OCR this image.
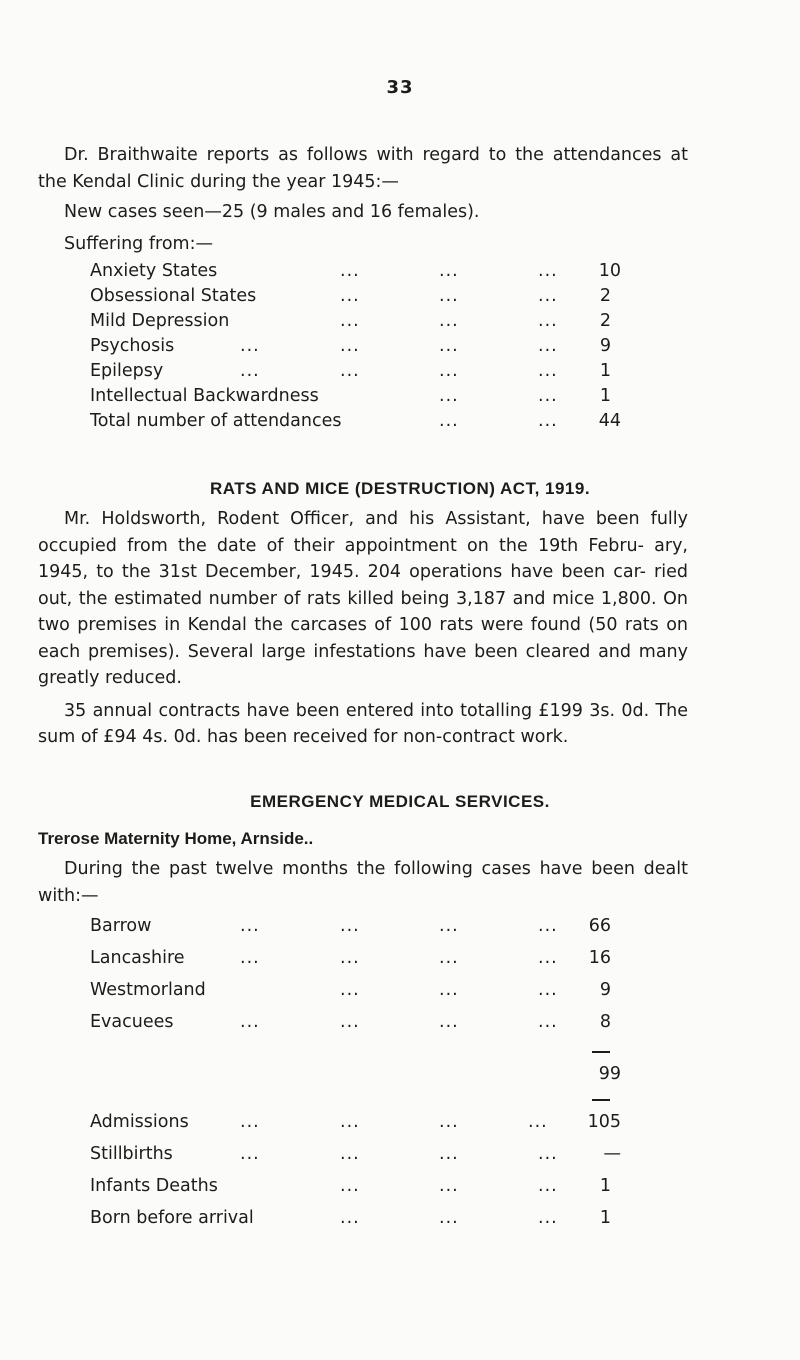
33

Dr. Braithwaite reports as follows with regard to the attendances at the Kendal Clinic during the year 1945:—

New cases seen—25 (9 males and 16 females).
Suffering from:—
Anxiety States	...	...	... 10
Obsessional States	...	...	... 2
Mild Depression	...	...	... 2
Psychosis	...	...	...	... 9
Epilepsy	...	...	...	... 1
Intellectual Backwardness	...	... 1
Total number of attendances	...	... 44
RATS AND MICE (DESTRUCTION) ACT, 1919.

Mr. Holdsworth, Rodent Officer, and his Assistant, have been fully occupied from the date of their appointment on the 19th Febru- ary, 1945, to the 31st December, 1945. 204 operations have been car- ried out, the estimated number of rats killed being 3,187 and mice 1,800. On two premises in Kendal the carcases of 100 rats were found (50 rats on each premises). Several large infestations have been cleared and many greatly reduced.

35 annual contracts have been entered into totalling £199 3s. 0d. The sum of £94 4s. 0d. has been received for non-contract work.

EMERGENCY MEDICAL SERVICES.
Trerose Maternity Home, Arnside..

During the past twelve months the following cases have been dealt with:—

Barrow	...	...	...	... 66
Lancashire	...	...	...	... 16
Westmorland	...	...	... 9
Evacuees	...	...	...	... 8
99
Admissions	...	...	...	... 105
Stillbirths	...	...	...	...	—
Infants Deaths	...	...	... 1
Born before arrival	...	...	... 1
